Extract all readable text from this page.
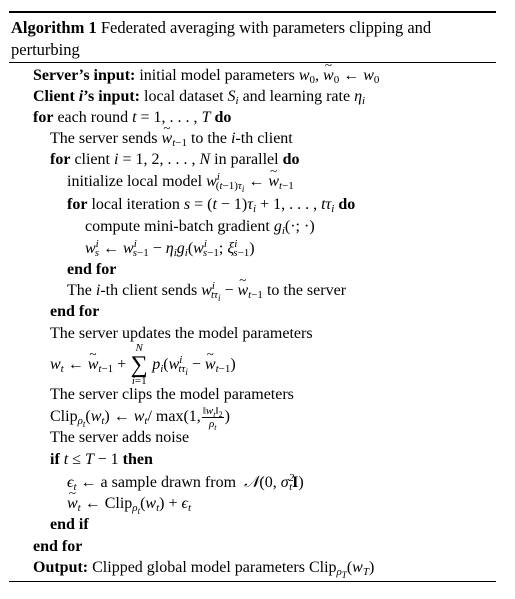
Algorithm 1 Federated averaging with parameters clipping and
perturbing
Server’s input: initial model parameters $w_0$, ~ $w_0$ ← $w_0$
Client i’s input: local dataset $S_i$ and learning rate $\eta_i$
for each round t = 1, . . . , T do
The server sends ~ $w_{t-1}$ to the i-th client
for client i = 1, 2, . . . , N in parallel do
initialize local model $w^i_{(t-1)\tau_i}$ ← ~ $w_{t-1}$
for local iteration $s = (t - 1)\tau_i + 1$, . . . , $t\tau_i$ do
compute mini-batch gradient $g_i(\cdot$; ·)
$w^i_s$ ← $w^i_{s-1} - \eta_ig_i(w^i_{s-1}$; $\xi^i_{s-1}$)
end for
The i-th client sends $w^i_{t\tau_i}$ − ~ $w_{t-1}$ to the server
end for
The server updates the model parameters
$w_t$ ← ~ $w_{t-1}$ +
N
∑
i=1
$p_i(w^i_{t\tau_i}$ − ~ $w_{t-1}$)
The server clips the model parameters
$Clip_{\rho_t}(w_t)$ ← $w_t/$ max(1, $\frac{‖w_t‖_2}{\rho_t}$ )
The server adds noise
if t ≤ T − 1 then
$\epsilon_t$ ← a sample drawn from 𝒩(0, $\sigma^2_tI$)
~ $w_t$ ← $Clip_{\rho_t}(w_t) + \epsilon_t$
end if
end for
Output: Clipped global model parameters $Clip_{\rho_T}(w_T)$
